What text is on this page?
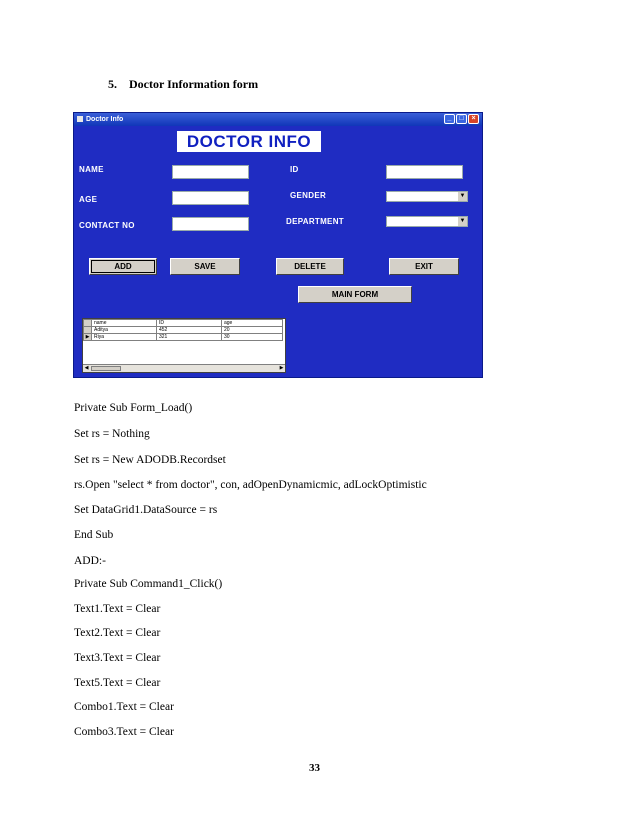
5. Doctor Information form
Doctor Info	_	□	×
DOCTOR INFO
NAME
AGE
CONTACT NO
ID
GENDER	▼
DEPARTMENT	▼
ADD	SAVE	DELETE	EXIT
MAIN FORM
	name	ID	age
	Aditya	452	20
▶	Riya	321	30
◀	▶
Private Sub Form_Load()
Set rs = Nothing
Set rs = New ADODB.Recordset
rs.Open "select * from doctor", con, adOpenDynamicmic, adLockOptimistic
Set DataGrid1.DataSource = rs
End Sub
ADD:-
Private Sub Command1_Click()
Text1.Text = Clear
Text2.Text = Clear
Text3.Text = Clear
Text5.Text = Clear
Combo1.Text = Clear
Combo3.Text = Clear
33
